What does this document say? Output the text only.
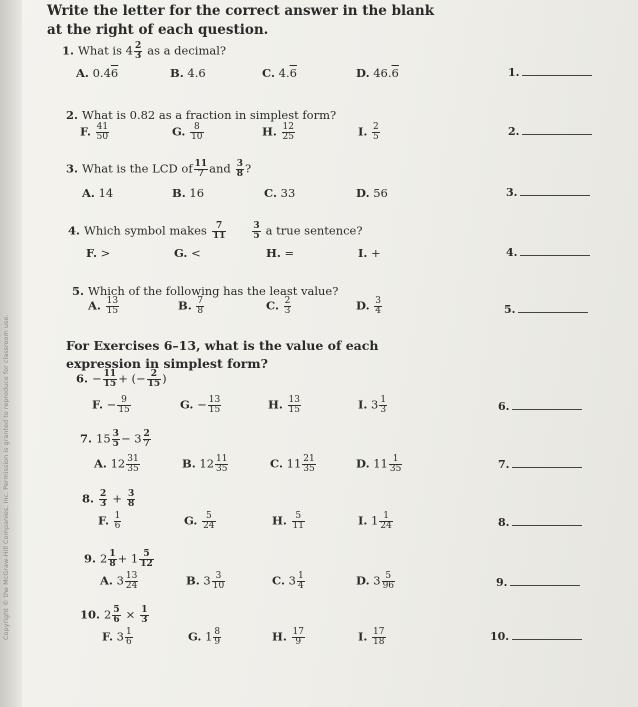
Copyright © the McGraw-Hill Companies, Inc. Permission is granted to reproduce for classroom use.
Write the letter for the correct answer in the blank at the right of each question.
1. What is $4 \frac{2}{3}$ as a decimal?
A. 0.46	B. 4.6	C. 4.6	D. 46.6	1.
2. What is 0.82 as a fraction in simplest form?
F. $\frac{41}{50}$	G. $\frac{8}{10}$	H. $\frac{12}{25}$	I. $\frac{2}{5}$	2.
3. What is the LCD of $\frac{11}{7}$ and $\frac{3}{8}$ ?
A. 14	B. 16	C. 33	D. 56	3.
4. Which symbol makes $\frac{7}{11}$
	$\frac{3}{5}$ a true sentence?
F. >	G. <	H. =	I. +	4.
5. Which of the following has the least value?
A. $\frac{13}{15}$	B. $\frac{7}{8}$	C. $\frac{2}{3}$	D. $\frac{3}{4}$	5.
For Exercises 6–13, what is the value of each expression in simplest form?
6. − $\frac{11}{15}$ + (− $\frac{2}{15}$ )
F. − $\frac{9}{15}$	G. − $\frac{13}{15}$	H. $\frac{13}{15}$	I. $3 \frac{1}{3}$	6.
7. $15 \frac{3}{5} - 3 \frac{2}{7}$
A. $12 \frac{31}{35}$	B. $12 \frac{11}{35}$	C. $11 \frac{21}{35}$	D. $11 \frac{1}{35}$	7.
8. $\frac{2}{3} + \frac{3}{8}$
F. $\frac{1}{6}$	G. $\frac{5}{24}$	H. $\frac{5}{11}$	I. $1 \frac{1}{24}$	8.
9. $2 \frac{1}{8} + 1 \frac{5}{12}$
A. $3 \frac{13}{24}$	B. $3 \frac{3}{10}$	C. $3 \frac{1}{4}$	D. $3 \frac{5}{96}$	9.
10. $2 \frac{5}{6} \times \frac{1}{3}$
F. $3 \frac{1}{6}$	G. $1 \frac{8}{9}$	H. $\frac{17}{9}$	I. $\frac{17}{18}$	10.
